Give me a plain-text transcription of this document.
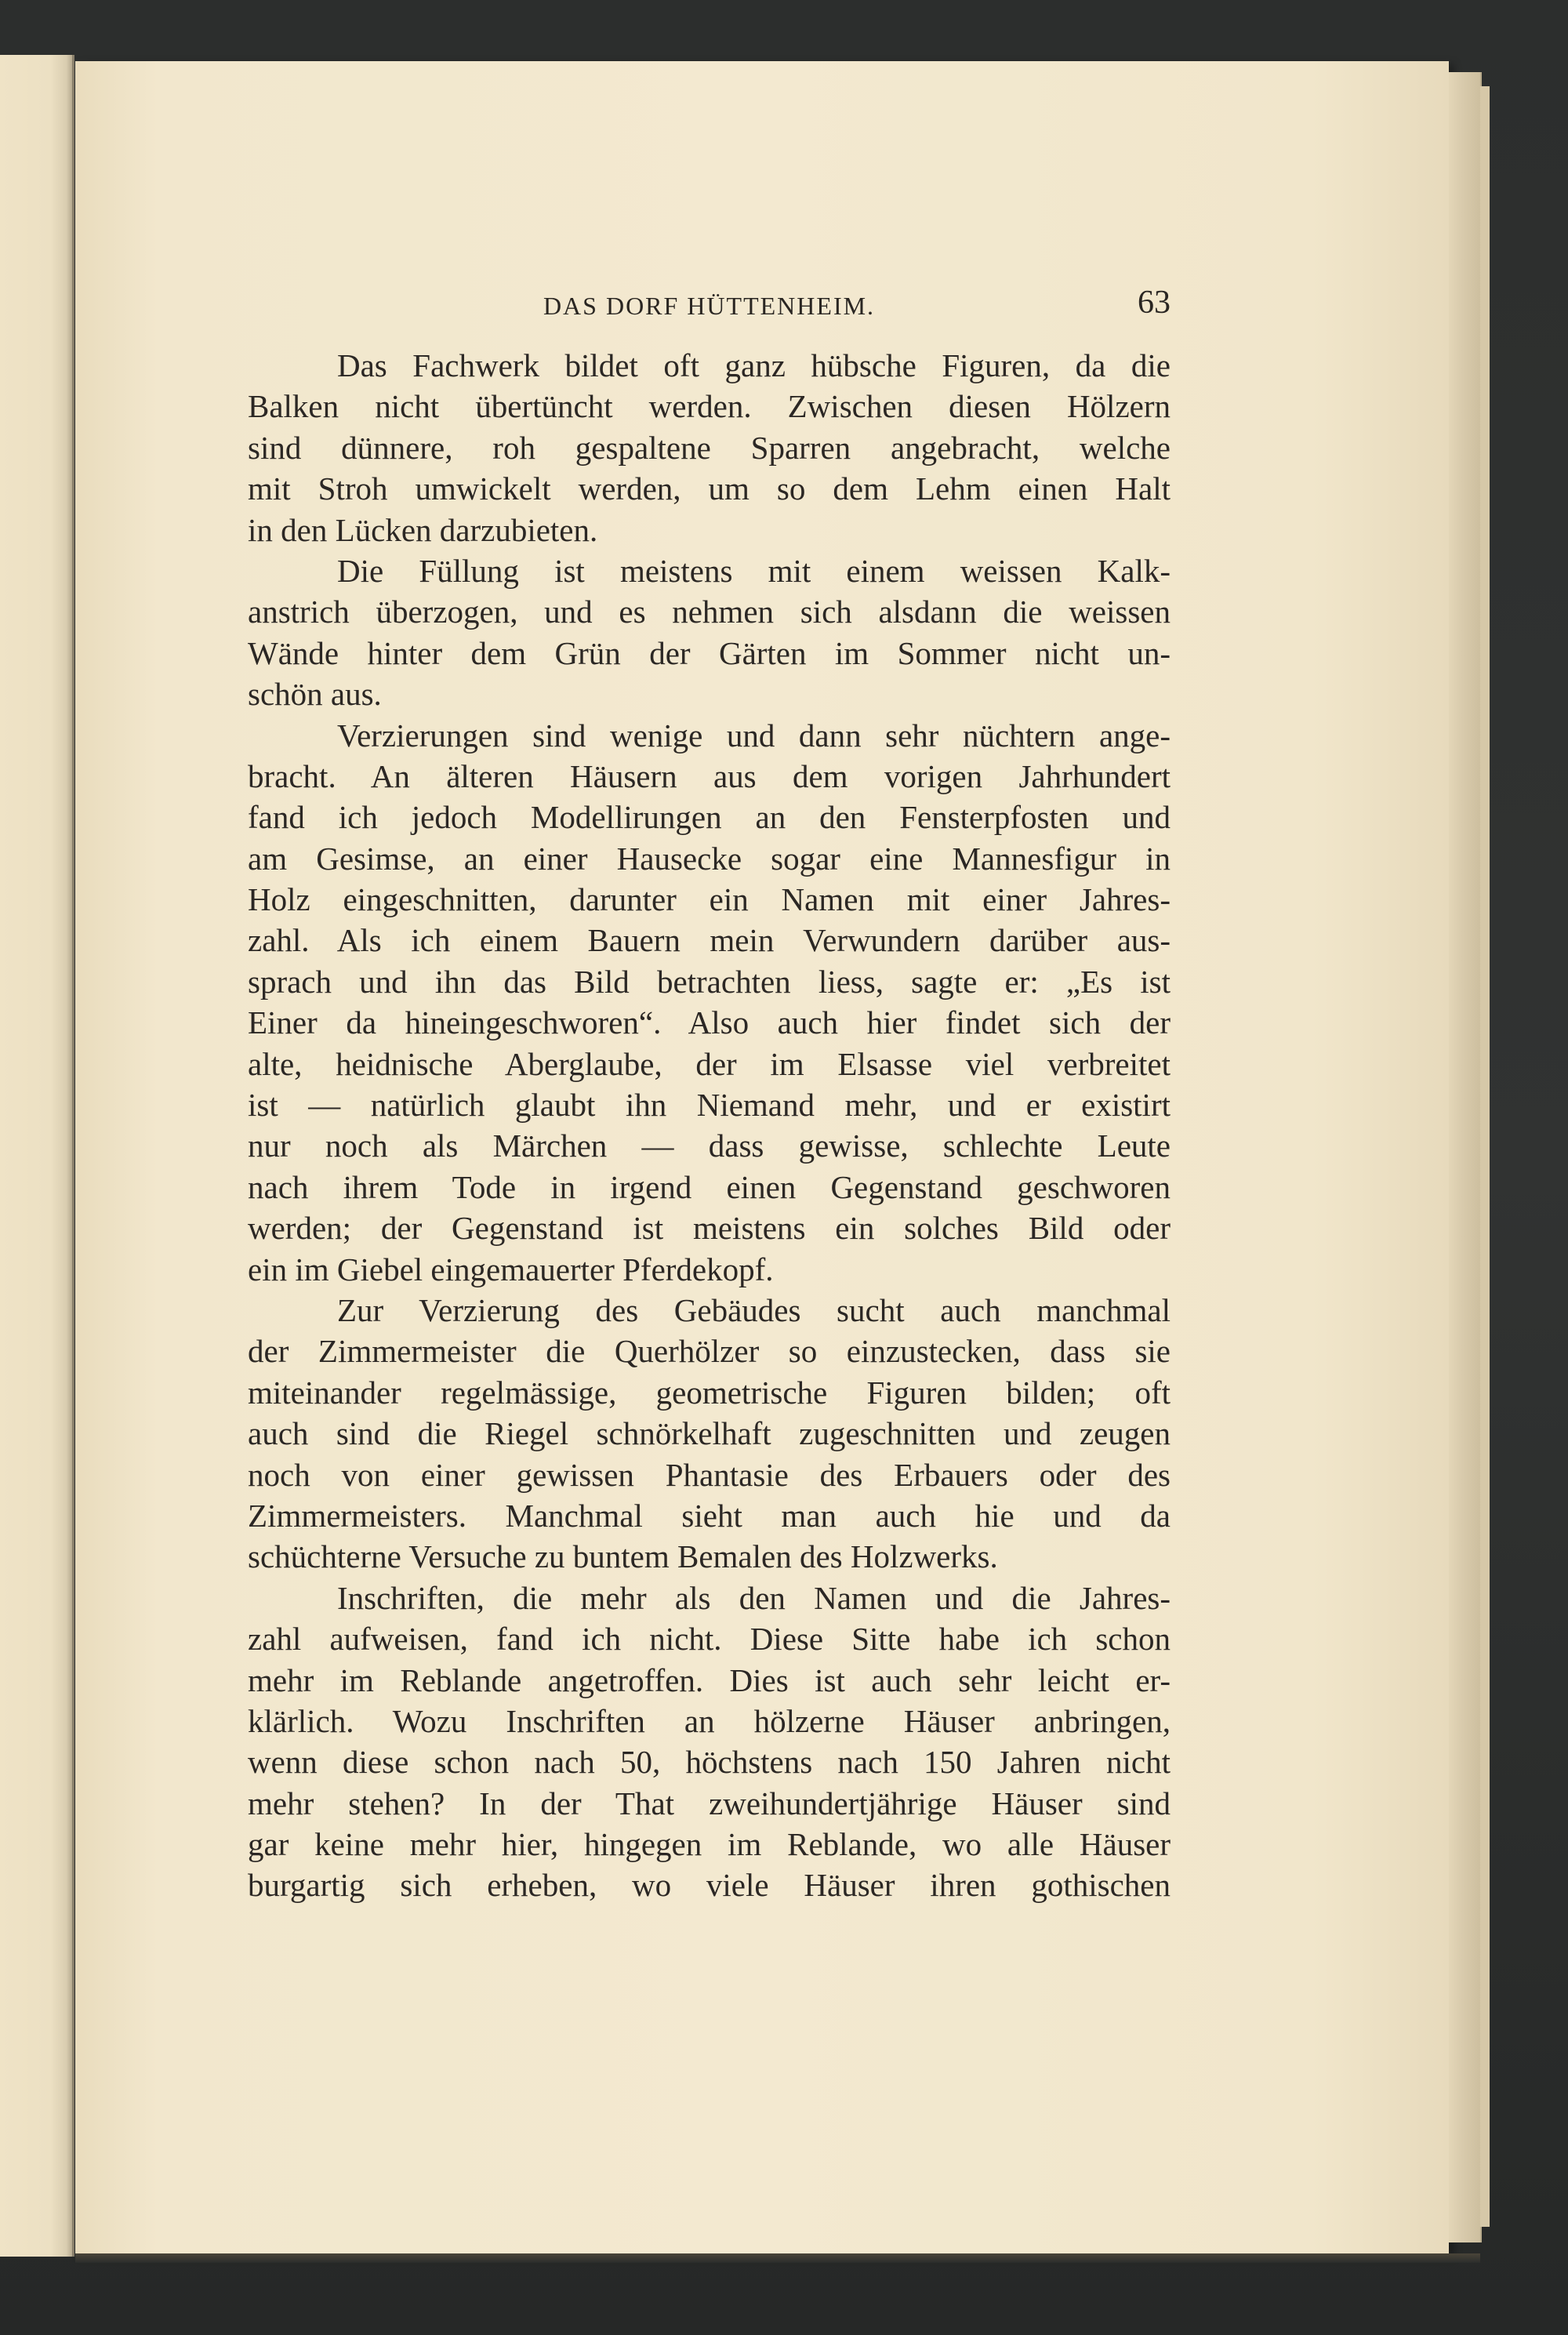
DAS DORF HÜTTENHEIM.	63
Das Fachwerk bildet oft ganz hübsche Figuren, da die
Balken nicht übertüncht werden. Zwischen diesen Hölzern
sind dünnere, roh gespaltene Sparren angebracht, welche
mit Stroh umwickelt werden, um so dem Lehm einen Halt
in den Lücken darzubieten.
Die Füllung ist meistens mit einem weissen Kalk-
anstrich überzogen, und es nehmen sich alsdann die weissen
Wände hinter dem Grün der Gärten im Sommer nicht un-
schön aus.
Verzierungen sind wenige und dann sehr nüchtern ange-
bracht. An älteren Häusern aus dem vorigen Jahrhundert
fand ich jedoch Modellirungen an den Fensterpfosten und
am Gesimse, an einer Hausecke sogar eine Mannesfigur in
Holz eingeschnitten, darunter ein Namen mit einer Jahres-
zahl. Als ich einem Bauern mein Verwundern darüber aus-
sprach und ihn das Bild betrachten liess, sagte er: „Es ist
Einer da hineingeschworen“. Also auch hier findet sich der
alte, heidnische Aberglaube, der im Elsasse viel verbreitet
ist — natürlich glaubt ihn Niemand mehr, und er existirt
nur noch als Märchen — dass gewisse, schlechte Leute
nach ihrem Tode in irgend einen Gegenstand geschworen
werden; der Gegenstand ist meistens ein solches Bild oder
ein im Giebel eingemauerter Pferdekopf.
Zur Verzierung des Gebäudes sucht auch manchmal
der Zimmermeister die Querhölzer so einzustecken, dass sie
miteinander regelmässige, geometrische Figuren bilden; oft
auch sind die Riegel schnörkelhaft zugeschnitten und zeugen
noch von einer gewissen Phantasie des Erbauers oder des
Zimmermeisters. Manchmal sieht man auch hie und da
schüchterne Versuche zu buntem Bemalen des Holzwerks.
Inschriften, die mehr als den Namen und die Jahres-
zahl aufweisen, fand ich nicht. Diese Sitte habe ich schon
mehr im Reblande angetroffen. Dies ist auch sehr leicht er-
klärlich. Wozu Inschriften an hölzerne Häuser anbringen,
wenn diese schon nach 50, höchstens nach 150 Jahren nicht
mehr stehen? In der That zweihundertjährige Häuser sind
gar keine mehr hier, hingegen im Reblande, wo alle Häuser
burgartig sich erheben, wo viele Häuser ihren gothischen
